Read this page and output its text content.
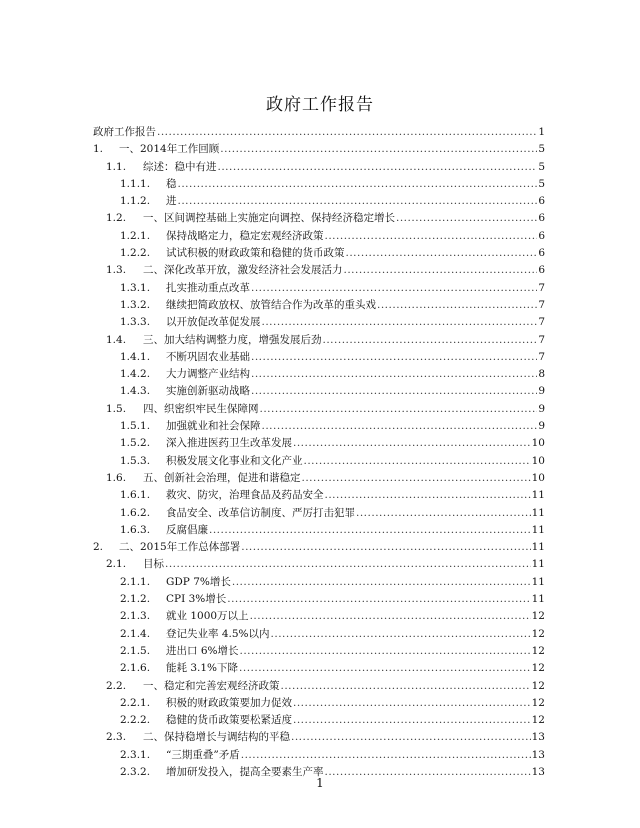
政府工作报告
政府工作报告 .....	1
1.	一、2014年工作回顾 .....	5
1.1.	综述：稳中有进 .....	5
1.1.1.	稳 .....	5
1.1.2.	进 .....	6
1.2.	一、区间调控基础上实施定向调控、保持经济稳定增长 .....	6
1.2.1.	保持战略定力，稳定宏观经济政策 .....	6
1.2.2.	试试积极的财政政策和稳健的货币政策 .....	6
1.3.	二、深化改革开放，激发经济社会发展活力 .....	6
1.3.1.	扎实推动重点改革 .....	7
1.3.2.	继续把简政放权、放管结合作为改革的重头戏 .....	7
1.3.3.	以开放促改革促发展 .....	7
1.4.	三、加大结构调整力度，增强发展后劲 .....	7
1.4.1.	不断巩固农业基础 .....	7
1.4.2.	大力调整产业结构 .....	8
1.4.3.	实施创新驱动战略 .....	9
1.5.	四、织密织牢民生保障网 .....	9
1.5.1.	加强就业和社会保障 .....	9
1.5.2.	深入推进医药卫生改革发展 .....	10
1.5.3.	积极发展文化事业和文化产业 .....	10
1.6.	五、创新社会治理，促进和谐稳定 .....	10
1.6.1.	救灾、防灾，治理食品及药品安全 .....	11
1.6.2.	食品安全、改革信访制度、严厉打击犯罪 .....	11
1.6.3.	反腐倡廉 .....	11
2.	二、2015年工作总体部署 .....	11
2.1.	目标 .....	11
2.1.1.	GDP 7%增长 .....	11
2.1.2.	CPI 3%增长 .....	11
2.1.3.	就业 1000万以上 .....	12
2.1.4.	登记失业率 4.5%以内 .....	12
2.1.5.	进出口 6%增长 .....	12
2.1.6.	能耗 3.1%下降 .....	12
2.2.	一、稳定和完善宏观经济政策 .....	12
2.2.1.	积极的财政政策要加力促效 .....	12
2.2.2.	稳健的货币政策要松紧适度 .....	12
2.3.	二、保持稳增长与调结构的平稳 .....	13
2.3.1.	“三期重叠”矛盾 .....	13
2.3.2.	增加研发投入，提高全要素生产率 .....	13
1
